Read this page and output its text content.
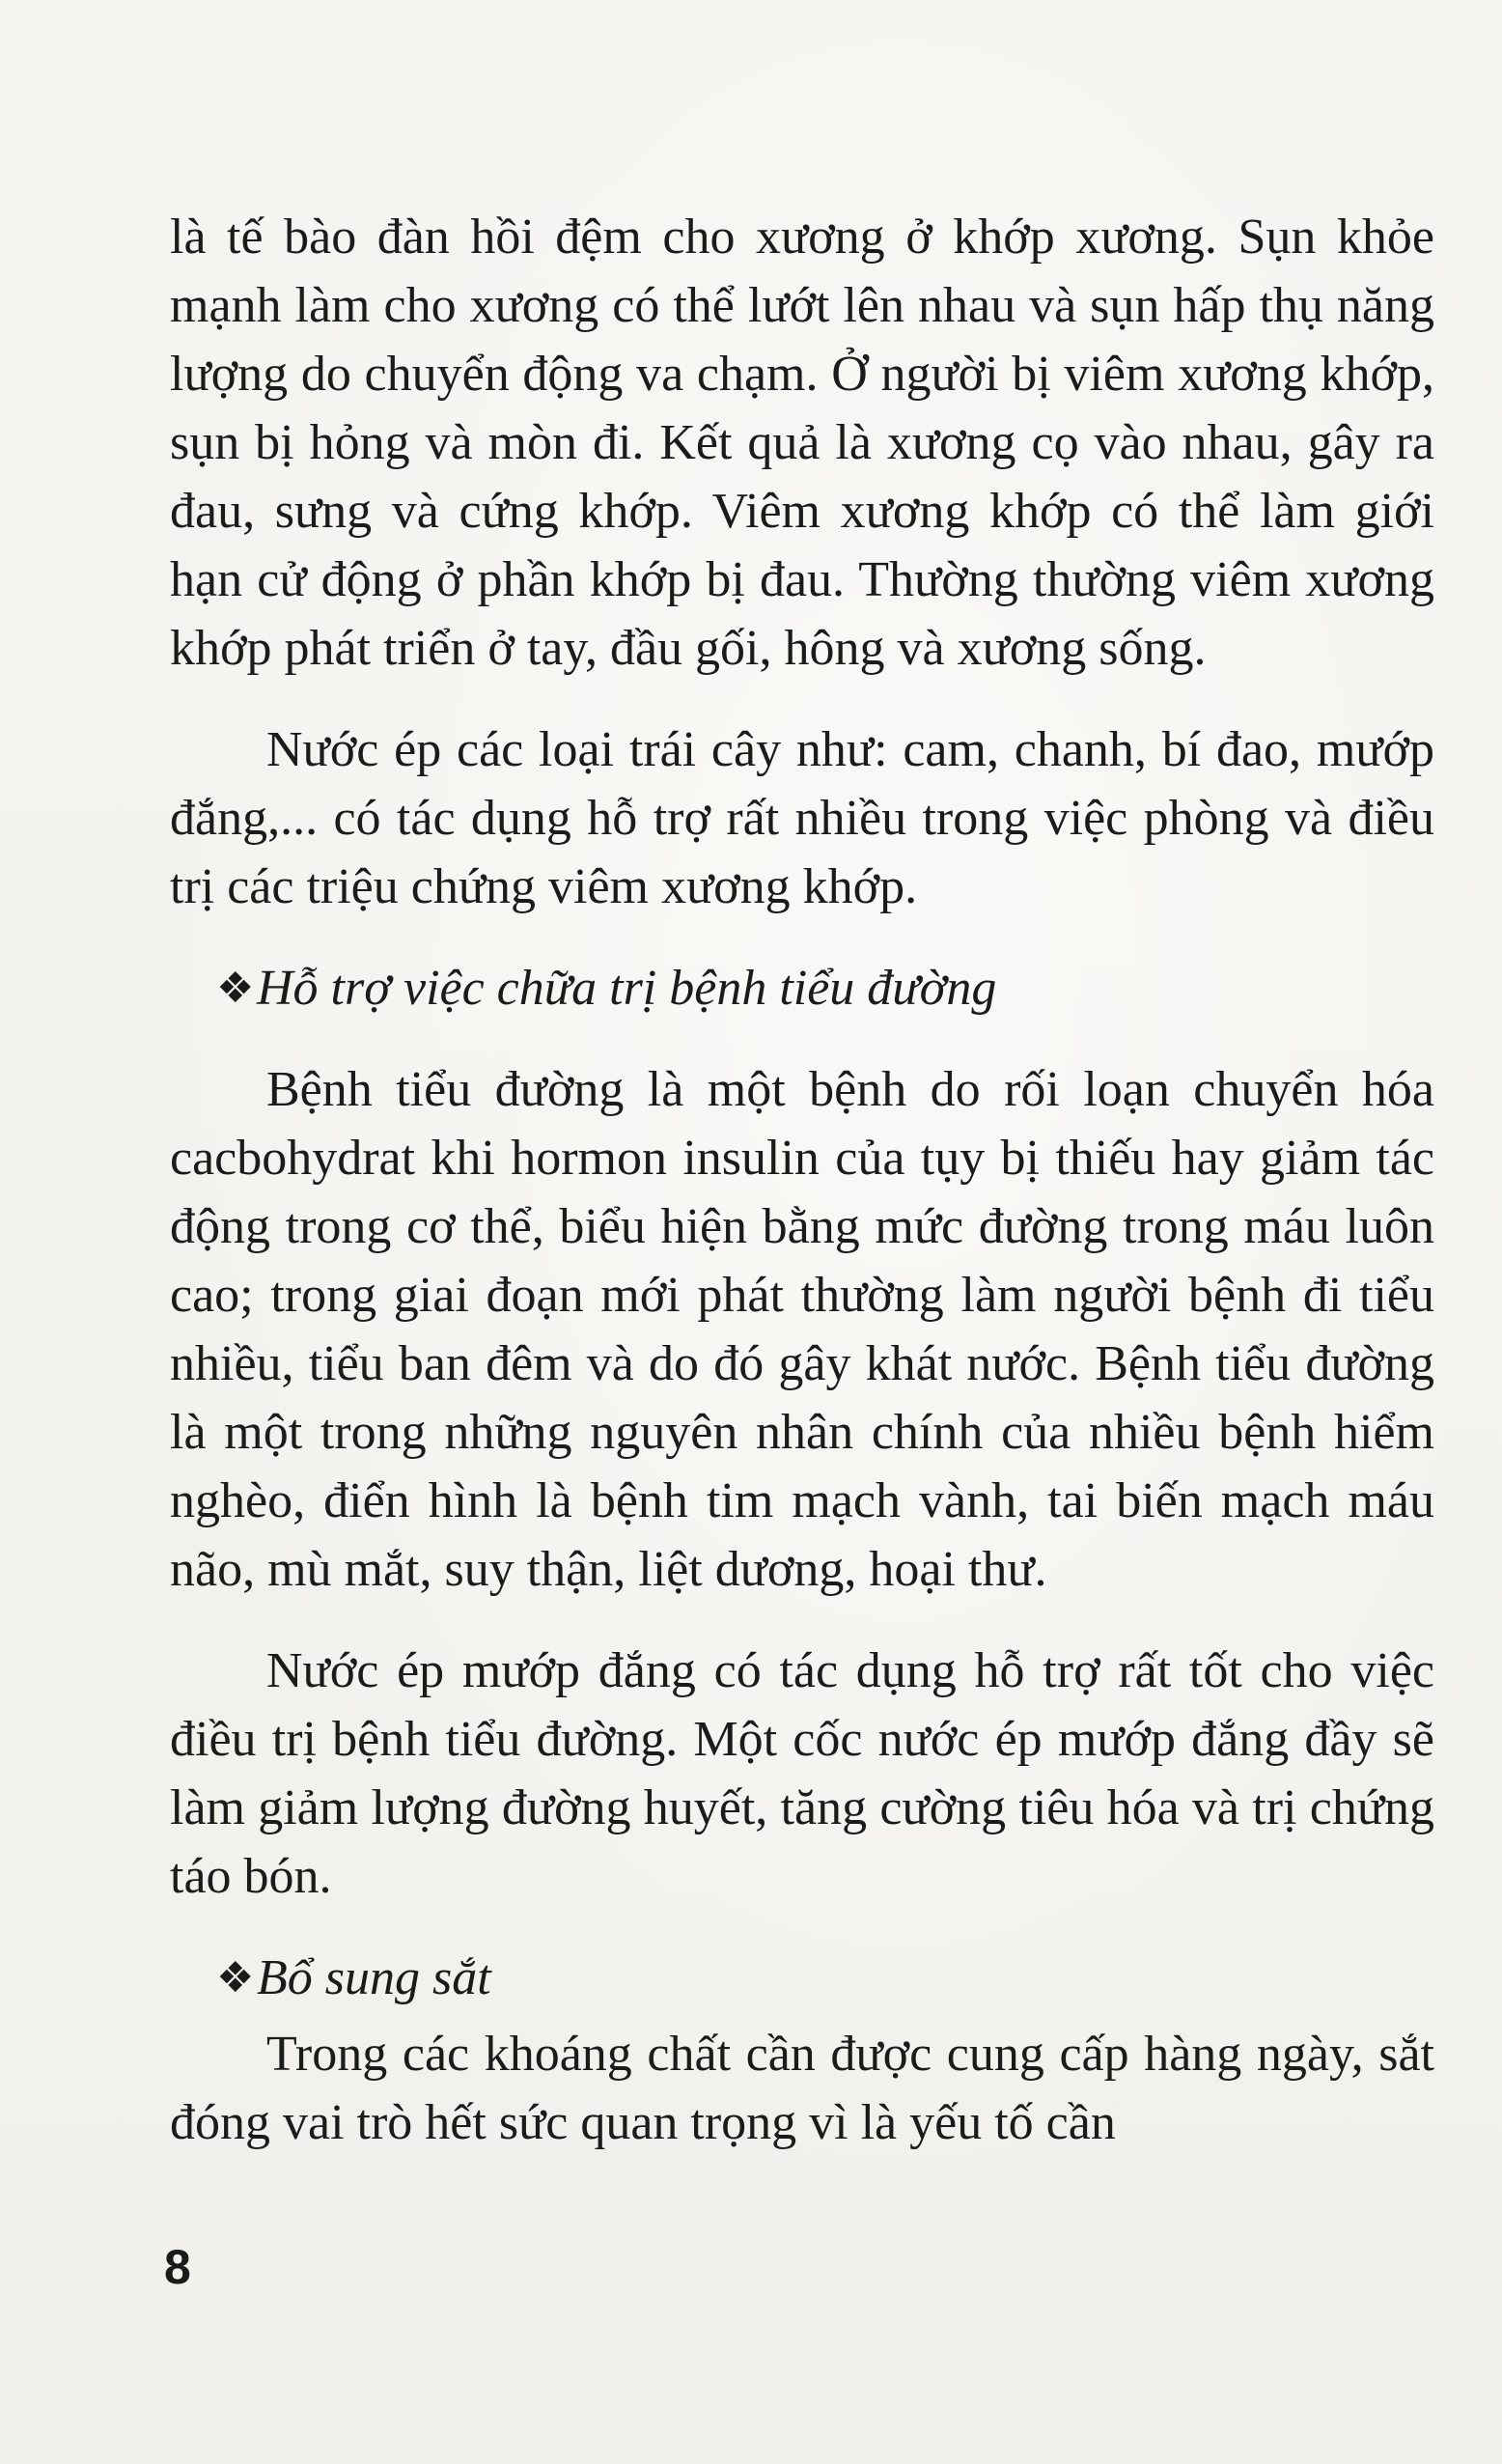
là tế bào đàn hồi đệm cho xương ở khớp xương. Sụn khỏe mạnh làm cho xương có thể lướt lên nhau và sụn hấp thụ năng lượng do chuyển động va chạm. Ở người bị viêm xương khớp, sụn bị hỏng và mòn đi. Kết quả là xương cọ vào nhau, gây ra đau, sưng và cứng khớp. Viêm xương khớp có thể làm giới hạn cử động ở phần khớp bị đau. Thường thường viêm xương khớp phát triển ở tay, đầu gối, hông và xương sống.

Nước ép các loại trái cây như: cam, chanh, bí đao, mướp đắng,... có tác dụng hỗ trợ rất nhiều trong việc phòng và điều trị các triệu chứng viêm xương khớp.

❖ Hỗ trợ việc chữa trị bệnh tiểu đường

Bệnh tiểu đường là một bệnh do rối loạn chuyển hóa cacbohydrat khi hormon insulin của tụy bị thiếu hay giảm tác động trong cơ thể, biểu hiện bằng mức đường trong máu luôn cao; trong giai đoạn mới phát thường làm người bệnh đi tiểu nhiều, tiểu ban đêm và do đó gây khát nước. Bệnh tiểu đường là một trong những nguyên nhân chính của nhiều bệnh hiểm nghèo, điển hình là bệnh tim mạch vành, tai biến mạch máu não, mù mắt, suy thận, liệt dương, hoại thư.

Nước ép mướp đắng có tác dụng hỗ trợ rất tốt cho việc điều trị bệnh tiểu đường. Một cốc nước ép mướp đắng đầy sẽ làm giảm lượng đường huyết, tăng cường tiêu hóa và trị chứng táo bón.

❖ Bổ sung sắt

Trong các khoáng chất cần được cung cấp hàng ngày, sắt đóng vai trò hết sức quan trọng vì là yếu tố cần

8
